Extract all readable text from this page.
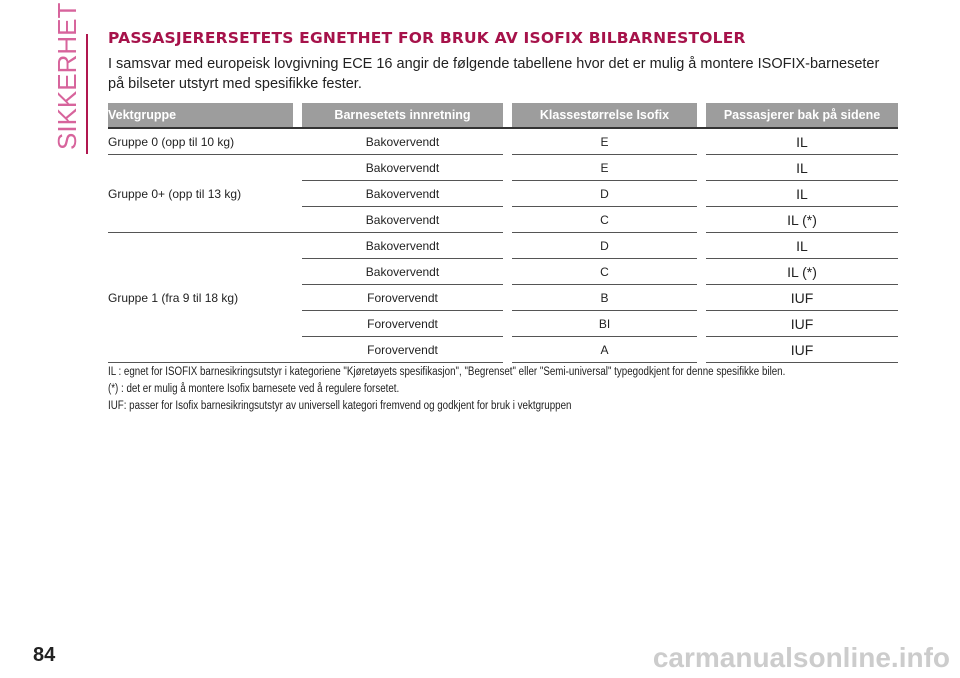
SIKKERHET PASSASJERERSETETS EGNETHET FOR BRUK AV ISOFIX BILBARNESTOLER
I samsvar med europeisk lovgivning ECE 16 angir de følgende tabellene hvor det er mulig å montere ISOFIX-barneseter på bilseter utstyrt med spesifikke fester.
Vektgruppe		Barnesetets innretning		Klassestørrelse Isofix		Passasjerer bak på sidene
Gruppe 0 (opp til 10 kg)		Bakovervendt		E		IL
Gruppe 0+ (opp til 13 kg)		Bakovervendt		E		IL
		Bakovervendt		D		IL
		Bakovervendt		C		IL (*)
Gruppe 1 (fra 9 til 18 kg)		Bakovervendt		D		IL
		Bakovervendt		C		IL (*)
		Forovervendt		B		IUF
		Forovervendt		BI		IUF
		Forovervendt		A		IUF
IL : egnet for ISOFIX barnesikringsutstyr i kategoriene "Kjøretøyets spesifikasjon", "Begrenset" eller "Semi-universal" typegodkjent for denne spesifikke bilen.
(*) : det er mulig å montere Isofix barnesete ved å regulere forsetet.
IUF: passer for Isofix barnesikringsutstyr av universell kategori fremvend og godkjent for bruk i vektgruppen
84	carmanualsonline.info
